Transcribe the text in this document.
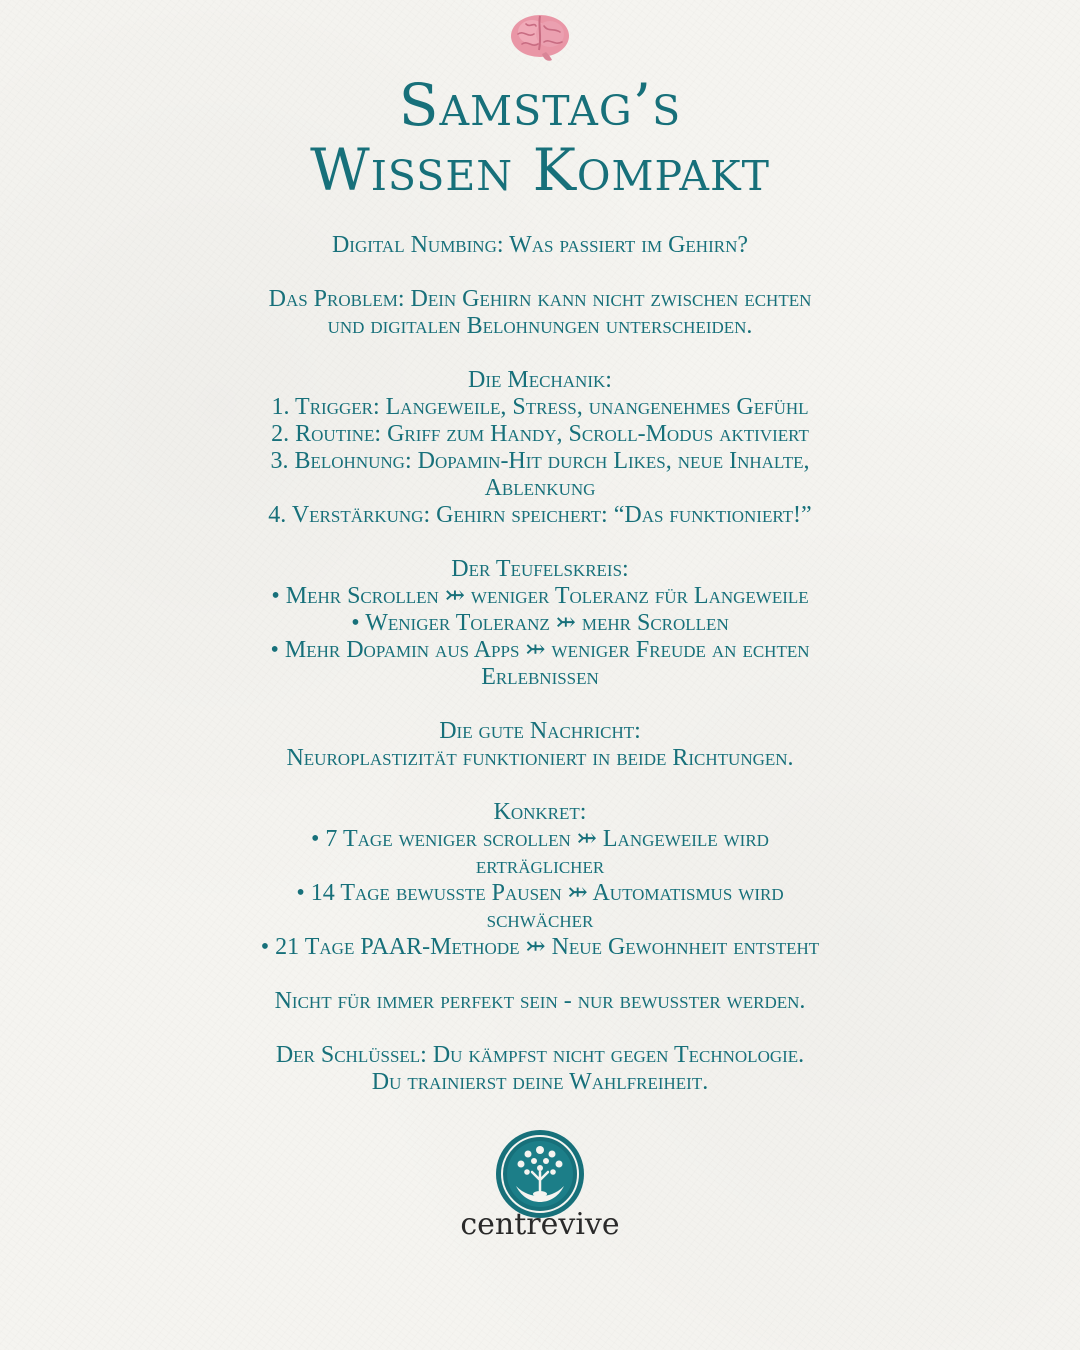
Samstag’s
Wissen Kompakt
Digital Numbing: Was passiert im Gehirn?
Das Problem: Dein Gehirn kann nicht zwischen echten
und digitalen Belohnungen unterscheiden.
Die Mechanik:
1. Trigger: Langeweile, Stress, unangenehmes Gefühl
2. Routine: Griff zum Handy, Scroll-Modus aktiviert
3. Belohnung: Dopamin-Hit durch Likes, neue Inhalte,
Ablenkung
4. Verstärkung: Gehirn speichert: “Das funktioniert!”
Der Teufelskreis:
• Mehr Scrollen ⤔ weniger Toleranz für Langeweile
• Weniger Toleranz ⤔ mehr Scrollen
• Mehr Dopamin aus Apps ⤔ weniger Freude an echten
Erlebnissen
Die gute Nachricht:
Neuroplastizität funktioniert in beide Richtungen.
Konkret:
• 7 Tage weniger scrollen ⤔ Langeweile wird
erträglicher
• 14 Tage bewusste Pausen ⤔ Automatismus wird
schwächer
• 21 Tage PAAR-Methode ⤔ Neue Gewohnheit entsteht
Nicht für immer perfekt sein - nur bewusster werden.
Der Schlüssel: Du kämpfst nicht gegen Technologie.
Du trainierst deine Wahlfreiheit.
centrevive
